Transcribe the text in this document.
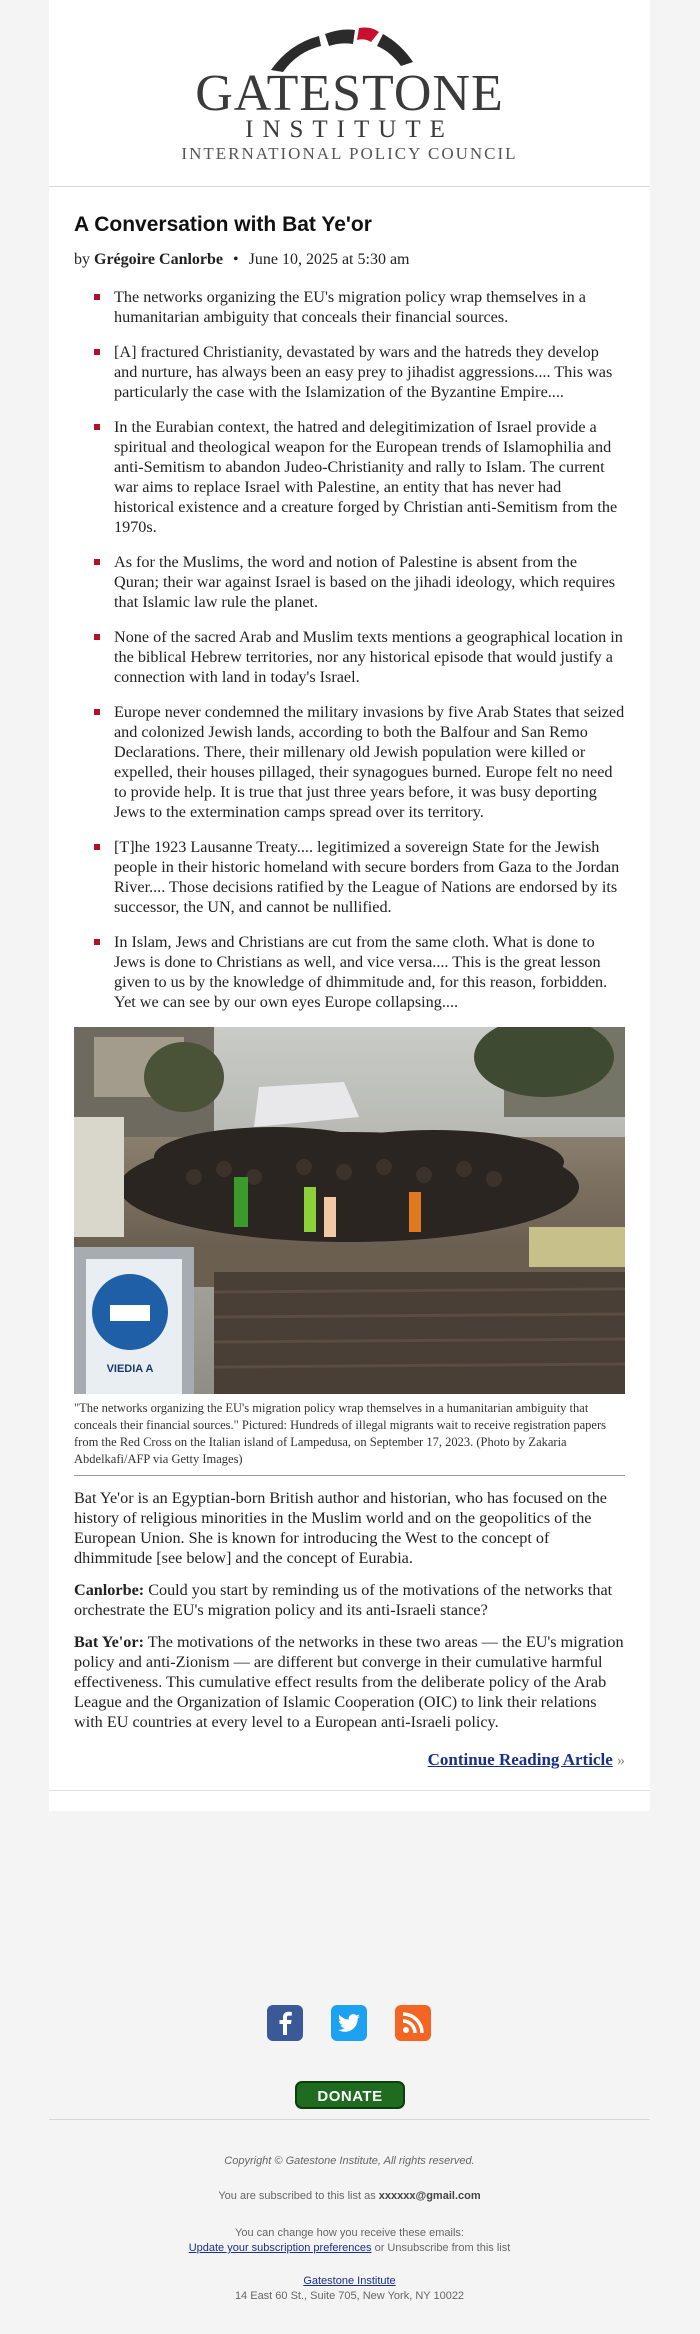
GATESTONE
INSTITUTE
INTERNATIONAL POLICY COUNCIL
A Conversation with Bat Ye'or
by Grégoire Canlorbe • June 10, 2025 at 5:30 am
The networks organizing the EU's migration policy wrap themselves in a humanitarian ambiguity that conceals their financial sources.
[A] fractured Christianity, devastated by wars and the hatreds they develop and nurture, has always been an easy prey to jihadist aggressions.... This was particularly the case with the Islamization of the Byzantine Empire....
In the Eurabian context, the hatred and delegitimization of Israel provide a spiritual and theological weapon for the European trends of Islamophilia and anti-Semitism to abandon Judeo-Christianity and rally to Islam. The current war aims to replace Israel with Palestine, an entity that has never had historical existence and a creature forged by Christian anti-Semitism from the 1970s.
As for the Muslims, the word and notion of Palestine is absent from the Quran; their war against Israel is based on the jihadi ideology, which requires that Islamic law rule the planet.
None of the sacred Arab and Muslim texts mentions a geographical location in the biblical Hebrew territories, nor any historical episode that would justify a connection with land in today's Israel.
Europe never condemned the military invasions by five Arab States that seized and colonized Jewish lands, according to both the Balfour and San Remo Declarations. There, their millenary old Jewish population were killed or expelled, their houses pillaged, their synagogues burned. Europe felt no need to provide help. It is true that just three years before, it was busy deporting Jews to the extermination camps spread over its territory.
[T]he 1923 Lausanne Treaty.... legitimized a sovereign State for the Jewish people in their historic homeland with secure borders from Gaza to the Jordan River.... Those decisions ratified by the League of Nations are endorsed by its successor, the UN, and cannot be nullified.
In Islam, Jews and Christians are cut from the same cloth. What is done to Jews is done to Christians as well, and vice versa.... This is the great lesson given to us by the knowledge of dhimmitude and, for this reason, forbidden. Yet we can see by our own eyes Europe collapsing....
VIEDIA A
"The networks organizing the EU's migration policy wrap themselves in a humanitarian ambiguity that conceals their financial sources." Pictured: Hundreds of illegal migrants wait to receive registration papers from the Red Cross on the Italian island of Lampedusa, on September 17, 2023. (Photo by Zakaria Abdelkafi/AFP via Getty Images)

Bat Ye'or is an Egyptian-born British author and historian, who has focused on the history of religious minorities in the Muslim world and on the geopolitics of the European Union. She is known for introducing the West to the concept of dhimmitude [see below] and the concept of Eurabia.

Canlorbe: Could you start by reminding us of the motivations of the networks that orchestrate the EU's migration policy and its anti-Israeli stance?

Bat Ye'or: The motivations of the networks in these two areas — the EU's migration policy and anti-Zionism — are different but converge in their cumulative harmful effectiveness. This cumulative effect results from the deliberate policy of the Arab League and the Organization of Islamic Cooperation (OIC) to link their relations with EU countries at every level to a European anti-Israeli policy.

Continue Reading Article »
DONATE
Copyright © Gatestone Institute, All rights reserved.
You are subscribed to this list as xxxxxx@gmail.com
You can change how you receive these emails:
Update your subscription preferences or Unsubscribe from this list
Gatestone Institute
14 East 60 St., Suite 705, New York, NY 10022
